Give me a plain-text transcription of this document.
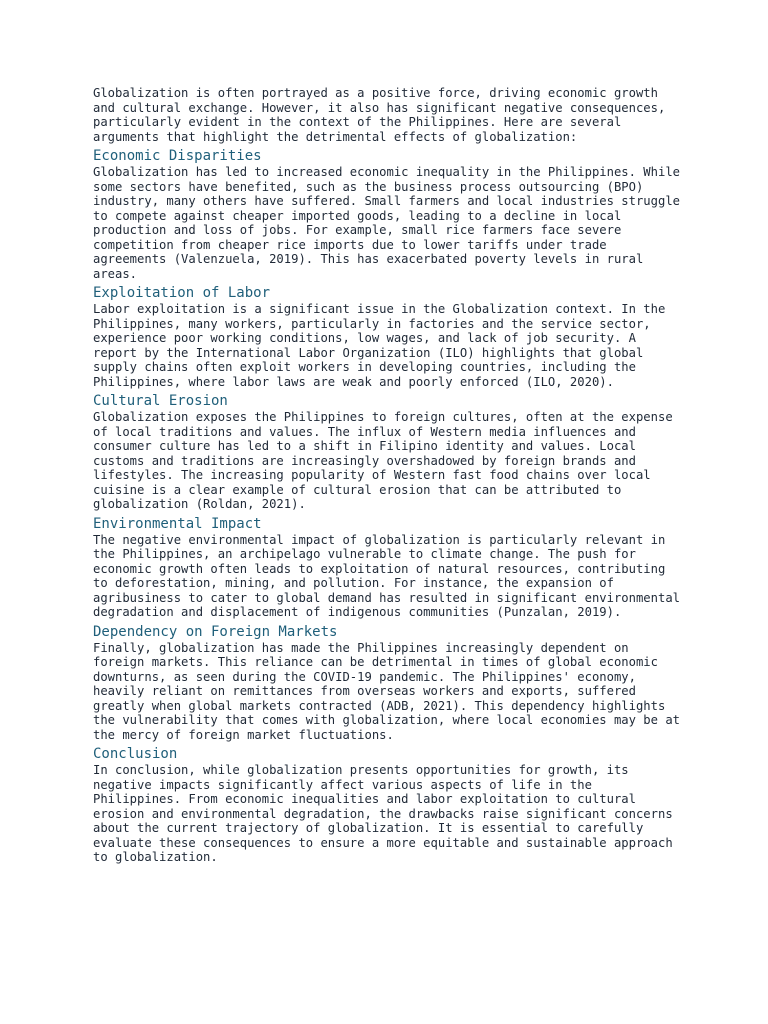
Globalization is often portrayed as a positive force, driving economic growth and cultural exchange. However, it also has significant negative consequences, particularly evident in the context of the Philippines. Here are several arguments that highlight the detrimental effects of globalization:

Economic Disparities

Globalization has led to increased economic inequality in the Philippines. While some sectors have benefited, such as the business process outsourcing (BPO) industry, many others have suffered. Small farmers and local industries struggle to compete against cheaper imported goods, leading to a decline in local production and loss of jobs. For example, small rice farmers face severe competition from cheaper rice imports due to lower tariffs under trade agreements (Valenzuela, 2019). This has exacerbated poverty levels in rural areas.

Exploitation of Labor

Labor exploitation is a significant issue in the Globalization context. In the Philippines, many workers, particularly in factories and the service sector, experience poor working conditions, low wages, and lack of job security. A report by the International Labor Organization (ILO) highlights that global supply chains often exploit workers in developing countries, including the Philippines, where labor laws are weak and poorly enforced (ILO, 2020).

Cultural Erosion

Globalization exposes the Philippines to foreign cultures, often at the expense of local traditions and values. The influx of Western media influences and consumer culture has led to a shift in Filipino identity and values. Local customs and traditions are increasingly overshadowed by foreign brands and lifestyles. The increasing popularity of Western fast food chains over local cuisine is a clear example of cultural erosion that can be attributed to globalization (Roldan, 2021).

Environmental Impact

The negative environmental impact of globalization is particularly relevant in the Philippines, an archipelago vulnerable to climate change. The push for economic growth often leads to exploitation of natural resources, contributing to deforestation, mining, and pollution. For instance, the expansion of agribusiness to cater to global demand has resulted in significant environmental degradation and displacement of indigenous communities (Punzalan, 2019).

Dependency on Foreign Markets

Finally, globalization has made the Philippines increasingly dependent on foreign markets. This reliance can be detrimental in times of global economic downturns, as seen during the COVID-19 pandemic. The Philippines' economy, heavily reliant on remittances from overseas workers and exports, suffered greatly when global markets contracted (ADB, 2021). This dependency highlights the vulnerability that comes with globalization, where local economies may be at the mercy of foreign market fluctuations.

Conclusion

In conclusion, while globalization presents opportunities for growth, its negative impacts significantly affect various aspects of life in the Philippines. From economic inequalities and labor exploitation to cultural erosion and environmental degradation, the drawbacks raise significant concerns about the current trajectory of globalization. It is essential to carefully evaluate these consequences to ensure a more equitable and sustainable approach to globalization.
